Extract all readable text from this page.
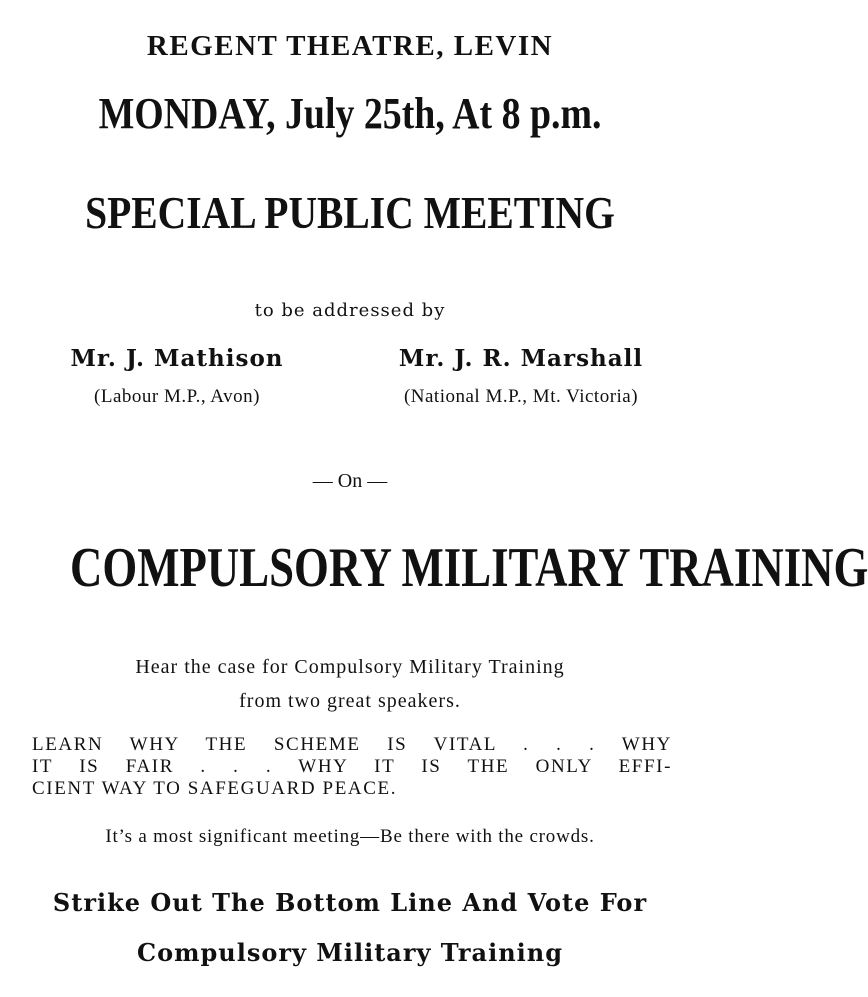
REGENT THEATRE, LEVIN
MONDAY, July 25th, At 8 p.m.
SPECIAL PUBLIC MEETING
to be addressed by
Mr. J. Mathison
(Labour M.P., Avon)
Mr. J. R. Marshall
(National M.P., Mt. Victoria)
— On —
COMPULSORY MILITARY TRAINING
Hear the case for Compulsory Military Training
from two great speakers.
LEARN WHY THE SCHEME IS VITAL . . . WHY
IT IS FAIR . . . WHY IT IS THE ONLY EFFI-
CIENT WAY TO SAFEGUARD PEACE.
It’s a most significant meeting—Be there with the crowds.
Strike Out The Bottom Line And Vote For
Compulsory Military Training
